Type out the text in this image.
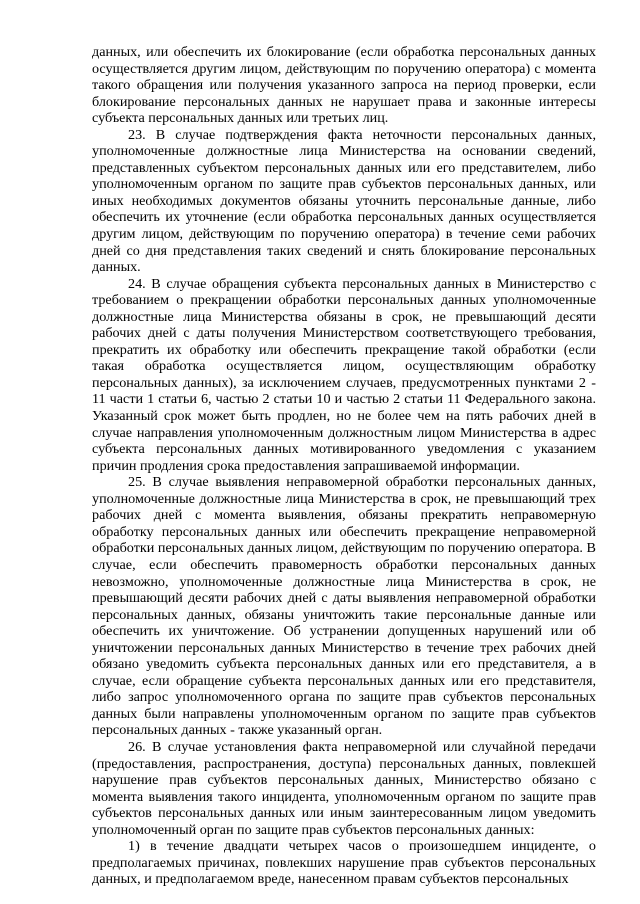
данных, или обеспечить их блокирование (если обработка персональных данных осуществляется другим лицом, действующим по поручению оператора) с момента такого обращения или получения указанного запроса на период проверки, если блокирование персональных данных не нарушает права и законные интересы субъекта персональных данных или третьих лиц.

23. В случае подтверждения факта неточности персональных данных, уполномоченные должностные лица Министерства на основании сведений, представленных субъектом персональных данных или его представителем, либо уполномоченным органом по защите прав субъектов персональных данных, или иных необходимых документов обязаны уточнить персональные данные, либо обеспечить их уточнение (если обработка персональных данных осуществляется другим лицом, действующим по поручению оператора) в течение семи рабочих дней со дня представления таких сведений и снять блокирование персональных данных.

24. В случае обращения субъекта персональных данных в Министерство с требованием о прекращении обработки персональных данных уполномоченные должностные лица Министерства обязаны в срок, не превышающий десяти рабочих дней с даты получения Министерством соответствующего требования, прекратить их обработку или обеспечить прекращение такой обработки (если такая обработка осуществляется лицом, осуществляющим обработку персональных данных), за исключением случаев, предусмотренных пунктами 2 - 11 части 1 статьи 6, частью 2 статьи 10 и частью 2 статьи 11 Федерального закона. Указанный срок может быть продлен, но не более чем на пять рабочих дней в случае направления уполномоченным должностным лицом Министерства в адрес субъекта персональных данных мотивированного уведомления с указанием причин продления срока предоставления запрашиваемой информации.

25. В случае выявления неправомерной обработки персональных данных, уполномоченные должностные лица Министерства в срок, не превышающий трех рабочих дней с момента выявления, обязаны прекратить неправомерную обработку персональных данных или обеспечить прекращение неправомерной обработки персональных данных лицом, действующим по поручению оператора. В случае, если обеспечить правомерность обработки персональных данных невозможно, уполномоченные должностные лица Министерства в срок, не превышающий десяти рабочих дней с даты выявления неправомерной обработки персональных данных, обязаны уничтожить такие персональные данные или обеспечить их уничтожение. Об устранении допущенных нарушений или об уничтожении персональных данных Министерство в течение трех рабочих дней обязано уведомить субъекта персональных данных или его представителя, а в случае, если обращение субъекта персональных данных или его представителя, либо запрос уполномоченного органа по защите прав субъектов персональных данных были направлены уполномоченным органом по защите прав субъектов персональных данных - также указанный орган.

26. В случае установления факта неправомерной или случайной передачи (предоставления, распространения, доступа) персональных данных, повлекшей нарушение прав субъектов персональных данных, Министерство обязано с момента выявления такого инцидента, уполномоченным органом по защите прав субъектов персональных данных или иным заинтересованным лицом уведомить уполномоченный орган по защите прав субъектов персональных данных:

1) в течение двадцати четырех часов о произошедшем инциденте, о предполагаемых причинах, повлекших нарушение прав субъектов персональных данных, и предполагаемом вреде, нанесенном правам субъектов персональных
